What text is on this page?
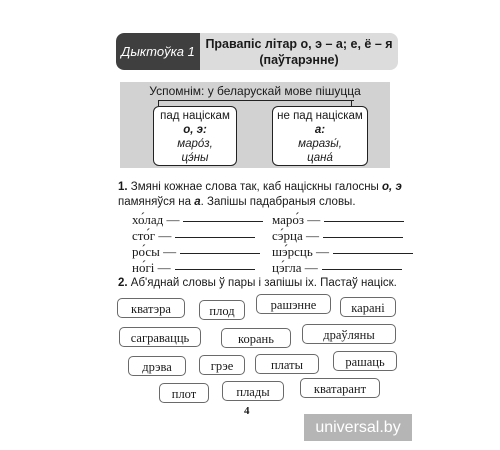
Дыктоўка 1 Правапіс літар о, э – а; е, ё – я
(паўтарэнне)
Успомнім: у беларускай мове пішуцца
пад націскам
о, э:
маро́з,
цэ́ны
не пад націскам
а:
маразы́,
цана́
1. Змяні кожнае слова так, каб націскны галосны о, э памяняўся на а. Запішы падабраныя словы.
хо́лад —
сто́г —
ро́сы —
но́гі —
маро́з —
сэ́рца —
шэ́рсць —
цэ́гла —
2. Аб'яднай словы ў пары і запішы іх. Пастаў націск.
кватэра	плод	рашэнне	карані
сагравацць	корань	драўляны
дрэва	грэе	платы	рашаць
плот	плады	кватарант
4
universal.by
